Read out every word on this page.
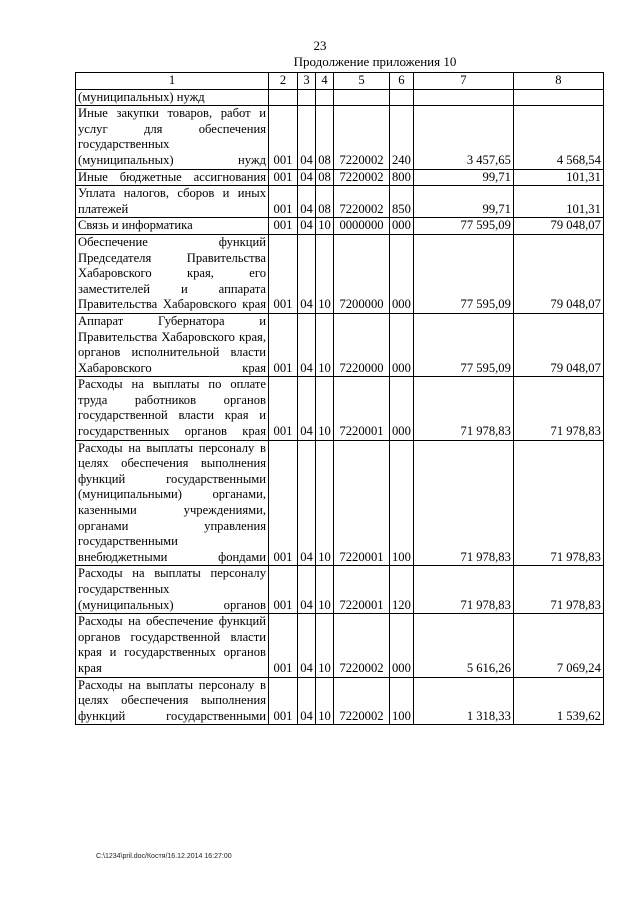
23
Продолжение приложения 10
1	2	3	4	5	6	7	8
(муниципальных) нужд							
Иные закупки товаров, работ и услуг для обеспечения государственных (муниципальных) нужд	001	04	08	7220002	240	3 457,65	4 568,54
Иные бюджетные ассигнования	001	04	08	7220002	800	99,71	101,31
Уплата налогов, сборов и иных платежей	001	04	08	7220002	850	99,71	101,31
Связь и информатика	001	04	10	0000000	000	77 595,09	79 048,07
Обеспечение функций Председателя Правительства Хабаровского края, его заместителей и аппарата Правительства Хабаровского края	001	04	10	7200000	000	77 595,09	79 048,07
Аппарат Губернатора и Правительства Хабаровского края, органов исполнительной власти Хабаровского края	001	04	10	7220000	000	77 595,09	79 048,07
Расходы на выплаты по оплате труда работников органов государственной власти края и государственных органов края	001	04	10	7220001	000	71 978,83	71 978,83
Расходы на выплаты персоналу в целях обеспечения выполнения функций государственными (муниципальными) органами, казенными учреждениями, органами управления государственными внебюджетными фондами	001	04	10	7220001	100	71 978,83	71 978,83
Расходы на выплаты персоналу государственных (муниципальных) органов	001	04	10	7220001	120	71 978,83	71 978,83
Расходы на обеспечение функций органов государственной власти края и государственных органов края	001	04	10	7220002	000	5 616,26	7 069,24
Расходы на выплаты персоналу в целях обеспечения выполнения функций государственными	001	04	10	7220002	100	1 318,33	1 539,62
C:\1234\pril.doc/Костя/16.12.2014 16:27:00
